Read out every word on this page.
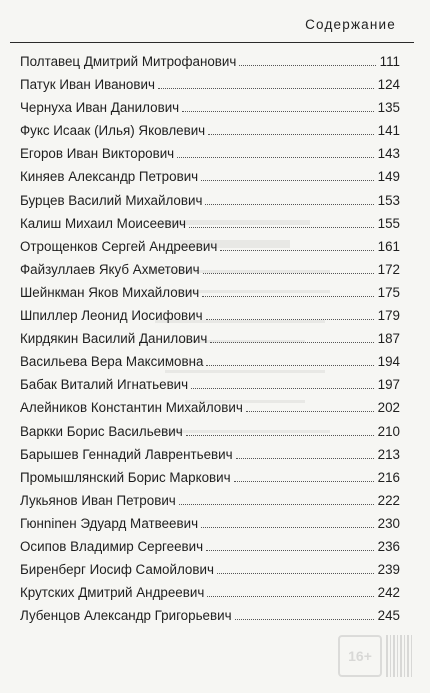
Содержание
Полтавец Дмитрий Митрофанович	111
Патук Иван Иванович	124
Чернуха Иван Данилович	135
Фукс Исаак (Илья) Яковлевич	141
Егоров Иван Викторович	143
Киняев Александр Петрович	149
Бурцев Василий Михайлович	153
Калиш Михаил Моисеевич	155
Отрощенков Сергей Андреевич	161
Файзуллаев Якуб Ахметович	172
Шейнкман Яков Михайлович	175
Шпиллер Леонид Иосифович	179
Кирдякин Василий Данилович	187
Васильева Вера Максимовна	194
Бабак Виталий Игнатьевич	197
Алейников Константин Михайлович	202
Варкки Борис Васильевич	210
Барышев Геннадий Лаврентьевич	213
Промышлянский Борис Маркович	216
Лукьянов Иван Петрович	222
Гюнninен Эдуард Матвеевич	230
Осипов Владимир Сергеевич	236
Биренберг Иосиф Самойлович	239
Крутских Дмитрий Андреевич	242
Лубенцов Александр Григорьевич	245
16+
